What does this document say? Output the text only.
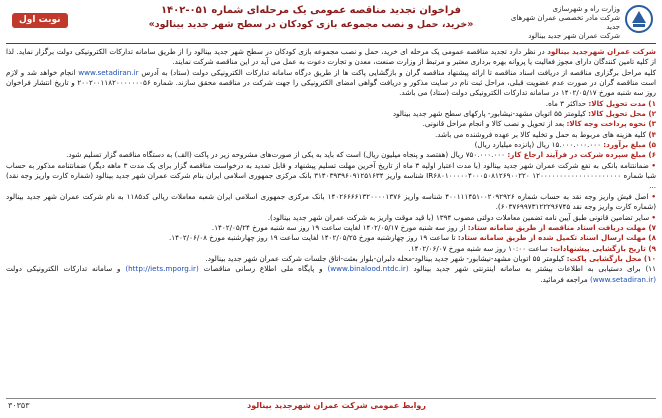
وزارت راه و شهرسازی
شرکت مادر تخصصی عمران شهرهای جدید
شرکت عمران شهر جدید بینالود

فراخوان تجدید مناقصه عمومی یک مرحله‌ای شماره ۰۵۱-۱۴۰۲

«خرید، حمل و نصب مجموعه بازی کودکان در سطح شهر جدید بینالود»

نوبت اول

شرکت عمران شهرجدید بینالود در نظر دارد تجدید مناقصه عمومی یک مرحله ای خرید، حمل و نصب مجموعه بازی کودکان در سطح شهر جدید بینالود را از طریق سامانه تدارکات الکترونیکی دولت برگزار نماید. لذا از کلیه تامین کنندگان دارای مجوز فعالیت یا پروانه بهره برداری معتبر و مرتبط از وزارت صنعت، معدن و تجارت دعوت به عمل می آید در این مناقصه شرکت نمایند.

کلیه مراحل برگزاری مناقصه از دریافت اسناد مناقصه تا ارائه پیشنهاد مناقصه گران و بازگشایی پاکت ها از طریق درگاه سامانه تدارکات الکترونیکی دولت (ستاد) به آدرس www.setadiran.ir انجام خواهد شد و لازم است مناقصه گران در صورت عدم عضویت قبلی، مراحل ثبت نام در سایت مذکور و دریافت گواهی امضای الکترونیکی را جهت شرکت در مناقصه محقق سازند. شماره ۲۰۰۲۰۰۱۱۸۲۰۰۰۰۰۰۰۵۶ و تاریخ انتشار فراخوان روز سه شنبه مورخ ۱۴۰۲/۰۵/۱۷ در سامانه تدارکات الکترونیکی دولت (ستاد) می باشد.

۱) مدت تحویل کالا: حداکثر ۳ ماه.

۲) محل تحویل کالا: کیلومتر ۵۵ اتوبان مشهد-نیشابور- پارکهای سطح شهر جدید بینالود

۳) نحوه پرداخت وجه کالا: بعد از تحویل و نصب کالا و انجام مراحل قانونی.

۴) کلیه هزینه های مربوط به حمل و تخلیه کالا بر عهده فروشنده می باشد.

۵) مبلغ برآورد: ۱۵.۰۰۰.۰۰۰.۰۰۰ ریال (پانزده میلیارد ریال)

۶) مبلغ سپرده شرکت در فرآیند ارجاع کار: ۷۵۰.۰۰۰.۰۰۰ ریال (هفتصد و پنجاه میلیون ریال) است که باید به یکی از صورت‌های مشروحه زیر در پاکت (الف) به دستگاه مناقصه گزار تسلیم شود.

• ضمانتنامه بانکی به نفع شرکت عمران شهر جدید بینالود (با مدت اعتبار اولیه ۳ ماه از تاریخ آخرین مهلت تسلیم پیشنهاد و قابل تمدید به درخواست مناقصه گزار برای یک مدت ۳ ماهه دیگر) ضمانتنامه مذکور به حساب شبا شماره ۱۲۰۰۰۰۰۰۰۰۰۰۰۰۰۰۰۰۰۰۰۰۰ IR۶۸۰۱۰۰۰۰۰۴۰۰۰۵۰۸۱۲۶۹۰۰۲۲۰ شناسه واریز ۳۱۴۰۳۹۳۹۶۰۹۱۲۵۱۶۳۴ بانک مرکزی جمهوری اسلامی ایران بنام شرکت عمران شهر جدید بینالود (شماره کارت واریز وجه نقد) ...

• اصل فیش واریز وجه نقد به حساب شماره ۴۰۰۱۱۱۴۵۱۰۰۲۰۹۲۹۲۶ شناسه واریز ۱۴۰۲۶۶۶۶۱۳۲۰۰۰۰۱۳۷۶ بانک مرکزی جمهوری اسلامی ایران شعبه معاملات ریالی کد۱۱۸۵ به نام شرکت عمران شهر جدید بینالود (شماره کارت واریز وجه نقد ۶۰۳۷۶۹۹۷۳۱۲۲۲۹۶۷۴۵).

• سایر تضامین قانونی طبق آیین نامه تضمین معاملات دولتی مصوب ۱۳۹۴ (با قید موقت واریز به شرکت عمران شهر جدید بینالود).

۷) مهلت دریافت اسناد مناقصه از طریق سامانه ستاد: از روز سه شنبه مورخ ۱۴۰۲/۰۵/۱۷ لغایت ساعت ۱۹ روز سه شنبه مورخ ۱۴۰۲/۰۵/۲۴.

۸) مهلت ارسال اسناد تکمیل شده از طریق سامانه ستاد: تا ساعت ۱۹ روز چهارشنبه مورخ ۱۴۰۲/۰۵/۲۵ لغایت ساعت ۱۹ روز چهارشنبه مورخ ۱۴۰۲/۰۶/۰۸.

۹) تاریخ بازگشایی پیشنهادات: ساعت ۱۰:۰۰ روز سه شنبه مورخ ۱۴۰۲/۰۶/۰۷.

۱۰) محل بازگشایی پاکت: کیلومتر ۵۵ اتوبان مشهد-نیشابور- شهر جدید بینالود-محله دلبران-بلوار بعثت-اتاق جلسات شرکت عمران شهر جدید بینالود.

۱۱) برای دستیابی به اطلاعات بیشتر به سامانه اینترنتی شهر جدید بینالود (www.binalood.ntdc.ir) و پایگاه ملی اطلاع رسانی مناقصات (http://iets.mporg.ir) و سامانه تدارکات الکترونیکی دولت (www.setadiran.ir) مراجعه فرمائید.

روابط عمومی شرکت عمران شهرجدید بینالود
۳۰۳۵۳
